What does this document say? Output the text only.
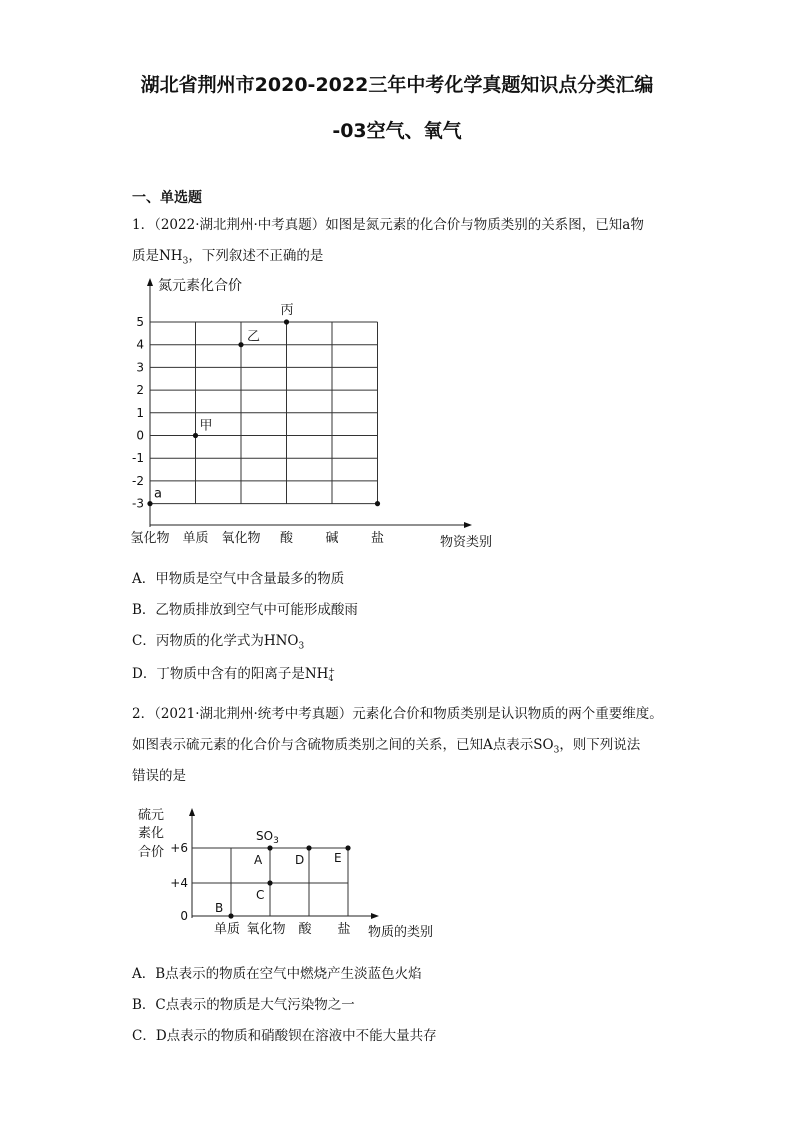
湖北省荆州市2020-2022三年中考化学真题知识点分类汇编
-03空气、氧气
一、单选题
1．（2022·湖北荆州·中考真题）如图是氮元素的化合价与物质类别的关系图，已知a物
质是$NH_3$，下列叙述不正确的是
5
4
3
2
1
0
-1
-2
-3
氢化物 单质 氧化物 酸 碱 盐
a
甲
乙
丙
氮元素化合价
物资类别
A．甲物质是空气中含量最多的物质
B．乙物质排放到空气中可能形成酸雨
C．丙物质的化学式为$HNO_3$
D．丁物质中含有的阳离子是NH +
4
2．（2021·湖北荆州·统考中考真题）元素化合价和物质类别是认识物质的两个重要维度。
如图表示硫元素的化合价与含硫物质类别之间的关系，已知A点表示$SO_3$，则下列说法
错误的是
+6
+4
0
单质 氧化物 酸 盐
B
A
C
D E
硫元
素化
合价
$SO_3$
物质的类别
A．B点表示的物质在空气中燃烧产生淡蓝色火焰
B．C点表示的物质是大气污染物之一
C．D点表示的物质和硝酸钡在溶液中不能大量共存
